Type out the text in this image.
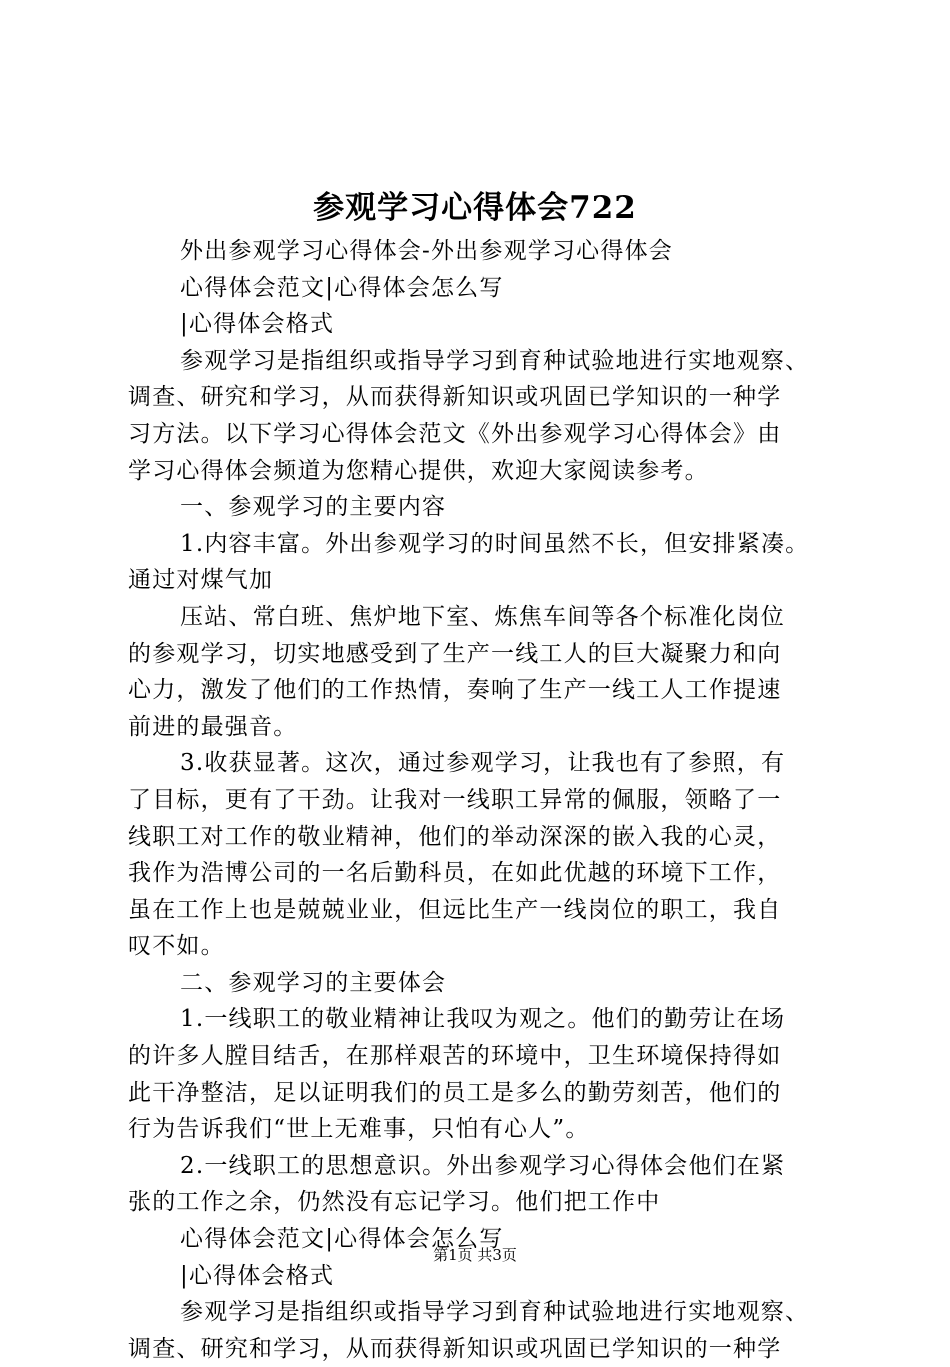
参观学习心得体会722
外出参观学习心得体会-外出参观学习心得体会
心得体会范文|心得体会怎么写
|心得体会格式
参观学习是指组织或指导学习到育种试验地进行实地观察、
调查、研究和学习，从而获得新知识或巩固已学知识的一种学
习方法。以下学习心得体会范文《外出参观学习心得体会》由
学习心得体会频道为您精心提供，欢迎大家阅读参考。
一、参观学习的主要内容
1.内容丰富。外出参观学习的时间虽然不长，但安排紧凑。
通过对煤气加
压站、常白班、焦炉地下室、炼焦车间等各个标准化岗位
的参观学习，切实地感受到了生产一线工人的巨大凝聚力和向
心力，激发了他们的工作热情，奏响了生产一线工人工作提速
前进的最强音。
3.收获显著。这次，通过参观学习，让我也有了参照，有
了目标，更有了干劲。让我对一线职工异常的佩服，领略了一
线职工对工作的敬业精神，他们的举动深深的嵌入我的心灵，
我作为浩博公司的一名后勤科员，在如此优越的环境下工作，
虽在工作上也是兢兢业业，但远比生产一线岗位的职工，我自
叹不如。
二、参观学习的主要体会
1.一线职工的敬业精神让我叹为观之。他们的勤劳让在场
的许多人膛目结舌，在那样艰苦的环境中，卫生环境保持得如
此干净整洁，足以证明我们的员工是多么的勤劳刻苦，他们的
行为告诉我们“世上无难事，只怕有心人”。
2.一线职工的思想意识。外出参观学习心得体会他们在紧
张的工作之余，仍然没有忘记学习。他们把工作中
心得体会范文|心得体会怎么写
|心得体会格式
参观学习是指组织或指导学习到育种试验地进行实地观察、
调查、研究和学习，从而获得新知识或巩固已学知识的一种学
第1页 共3页
